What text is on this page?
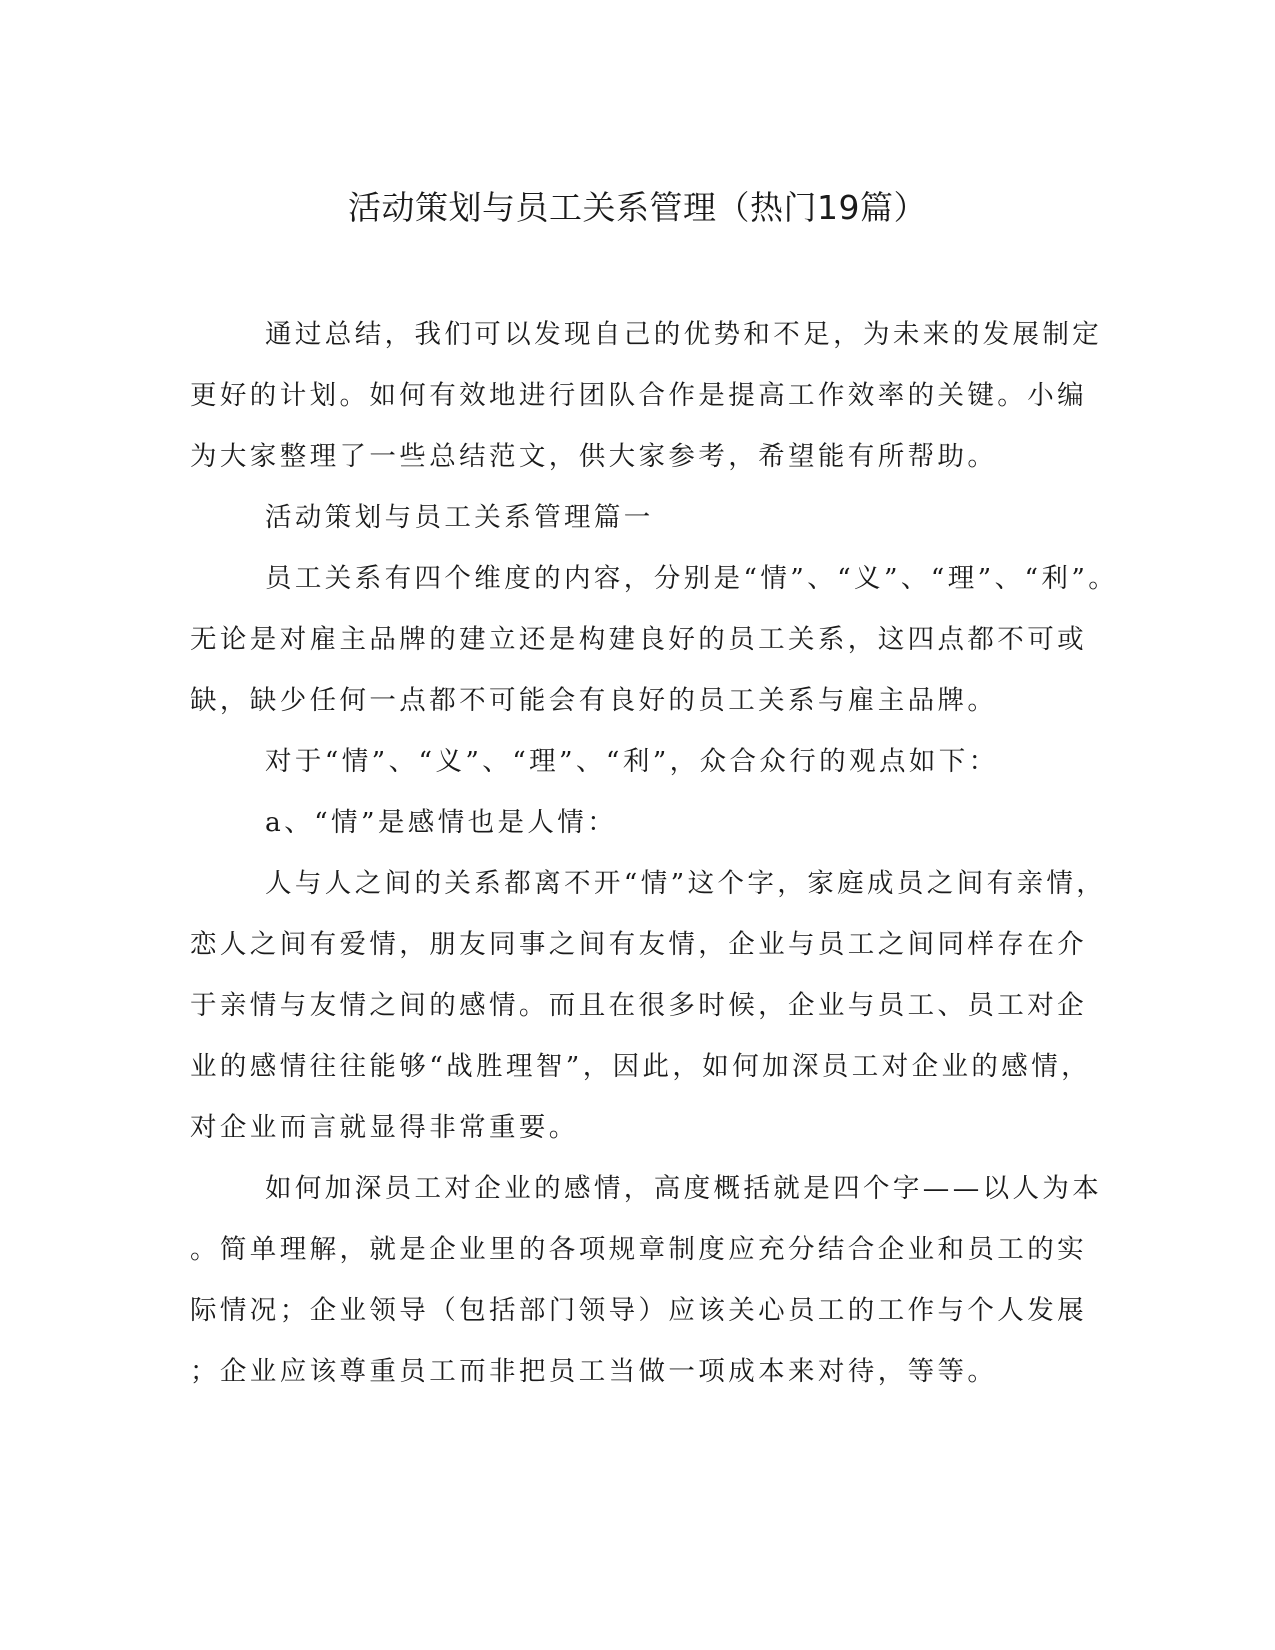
活动策划与员工关系管理（热门19篇）
通过总结，我们可以发现自己的优势和不足，为未来的发展制定
更好的计划。如何有效地进行团队合作是提高工作效率的关键。小编
为大家整理了一些总结范文，供大家参考，希望能有所帮助。
活动策划与员工关系管理篇一
员工关系有四个维度的内容，分别是“情”、“义”、“理”、“利”。
无论是对雇主品牌的建立还是构建良好的员工关系，这四点都不可或
缺，缺少任何一点都不可能会有良好的员工关系与雇主品牌。
对于“情”、“义”、“理”、“利”，众合众行的观点如下：
a、“情”是感情也是人情：
人与人之间的关系都离不开“情”这个字，家庭成员之间有亲情，
恋人之间有爱情，朋友同事之间有友情，企业与员工之间同样存在介
于亲情与友情之间的感情。而且在很多时候，企业与员工、员工对企
业的感情往往能够“战胜理智”，因此，如何加深员工对企业的感情，
对企业而言就显得非常重要。
如何加深员工对企业的感情，高度概括就是四个字——以人为本
。简单理解，就是企业里的各项规章制度应充分结合企业和员工的实
际情况；企业领导（包括部门领导）应该关心员工的工作与个人发展
；企业应该尊重员工而非把员工当做一项成本来对待，等等。
